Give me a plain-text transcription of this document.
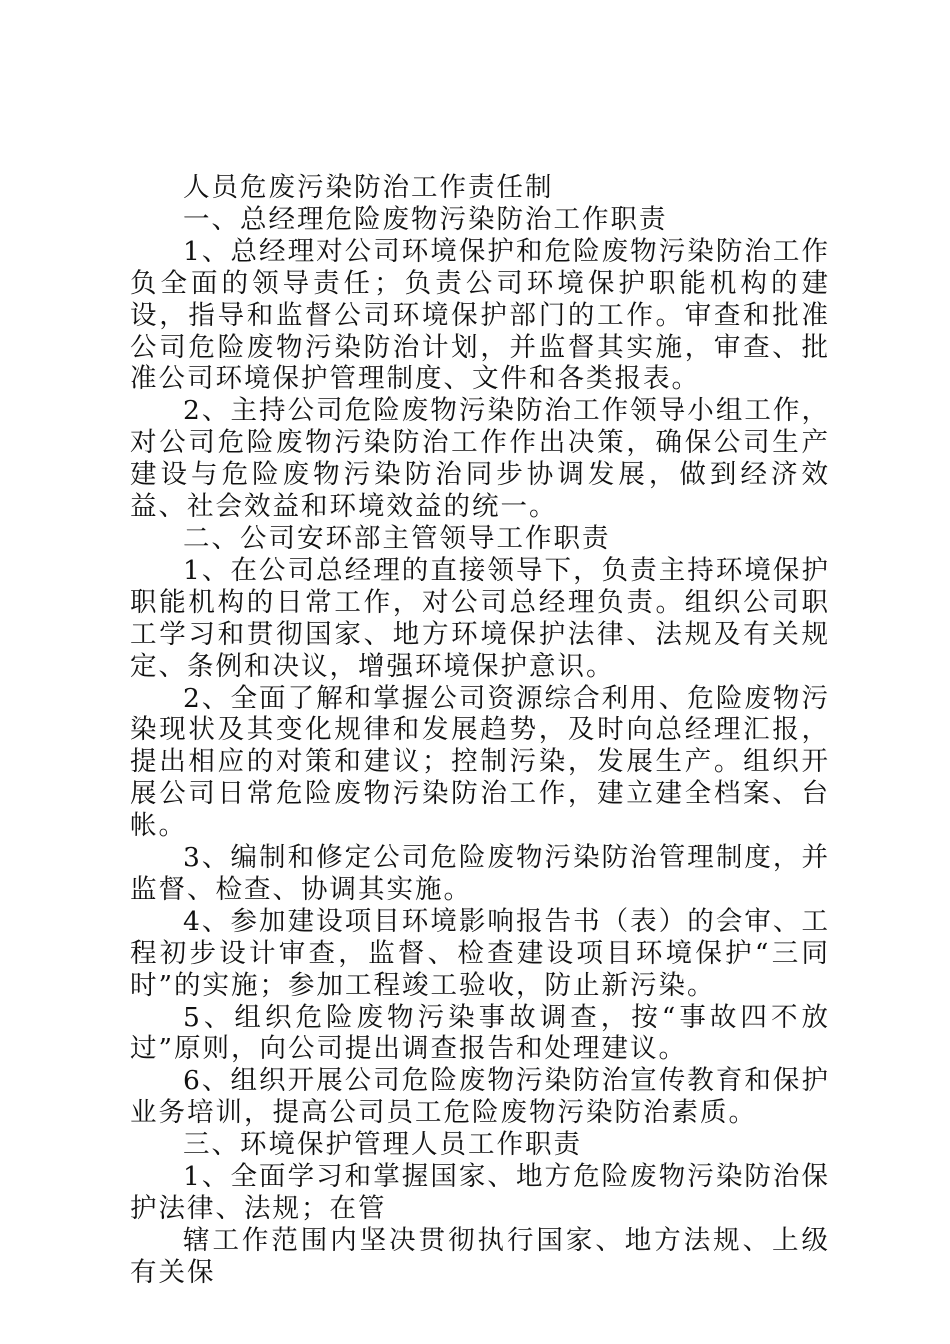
人员危废污染防治工作责任制

一、总经理危险废物污染防治工作职责

1、总经理对公司环境保护和危险废物污染防治工作负全面的领导责任；负责公司环境保护职能机构的建设，指导和监督公司环境保护部门的工作。审查和批准公司危险废物污染防治计划，并监督其实施，审查、批准公司环境保护管理制度、文件和各类报表。

2、主持公司危险废物污染防治工作领导小组工作，对公司危险废物污染防治工作作出决策，确保公司生产建设与危险废物污染防治同步协调发展，做到经济效益、社会效益和环境效益的统一。

二、公司安环部主管领导工作职责

1、在公司总经理的直接领导下，负责主持环境保护职能机构的日常工作，对公司总经理负责。组织公司职工学习和贯彻国家、地方环境保护法律、法规及有关规定、条例和决议，增强环境保护意识。

2、全面了解和掌握公司资源综合利用、危险废物污染现状及其变化规律和发展趋势，及时向总经理汇报，提出相应的对策和建议；控制污染，发展生产。组织开展公司日常危险废物污染防治工作，建立建全档案、台帐。

3、编制和修定公司危险废物污染防治管理制度，并监督、检查、协调其实施。

4、参加建设项目环境影响报告书（表）的会审、工程初步设计审查，监督、检查建设项目环境保护“三同时”的实施；参加工程竣工验收，防止新污染。

5、组织危险废物污染事故调查，按“事故四不放过”原则，向公司提出调查报告和处理建议。

6、组织开展公司危险废物污染防治宣传教育和保护业务培训，提高公司员工危险废物污染防治素质。

三、环境保护管理人员工作职责

1、全面学习和掌握国家、地方危险废物污染防治保护法律、法规；在管

辖工作范围内坚决贯彻执行国家、地方法规、上级有关保
